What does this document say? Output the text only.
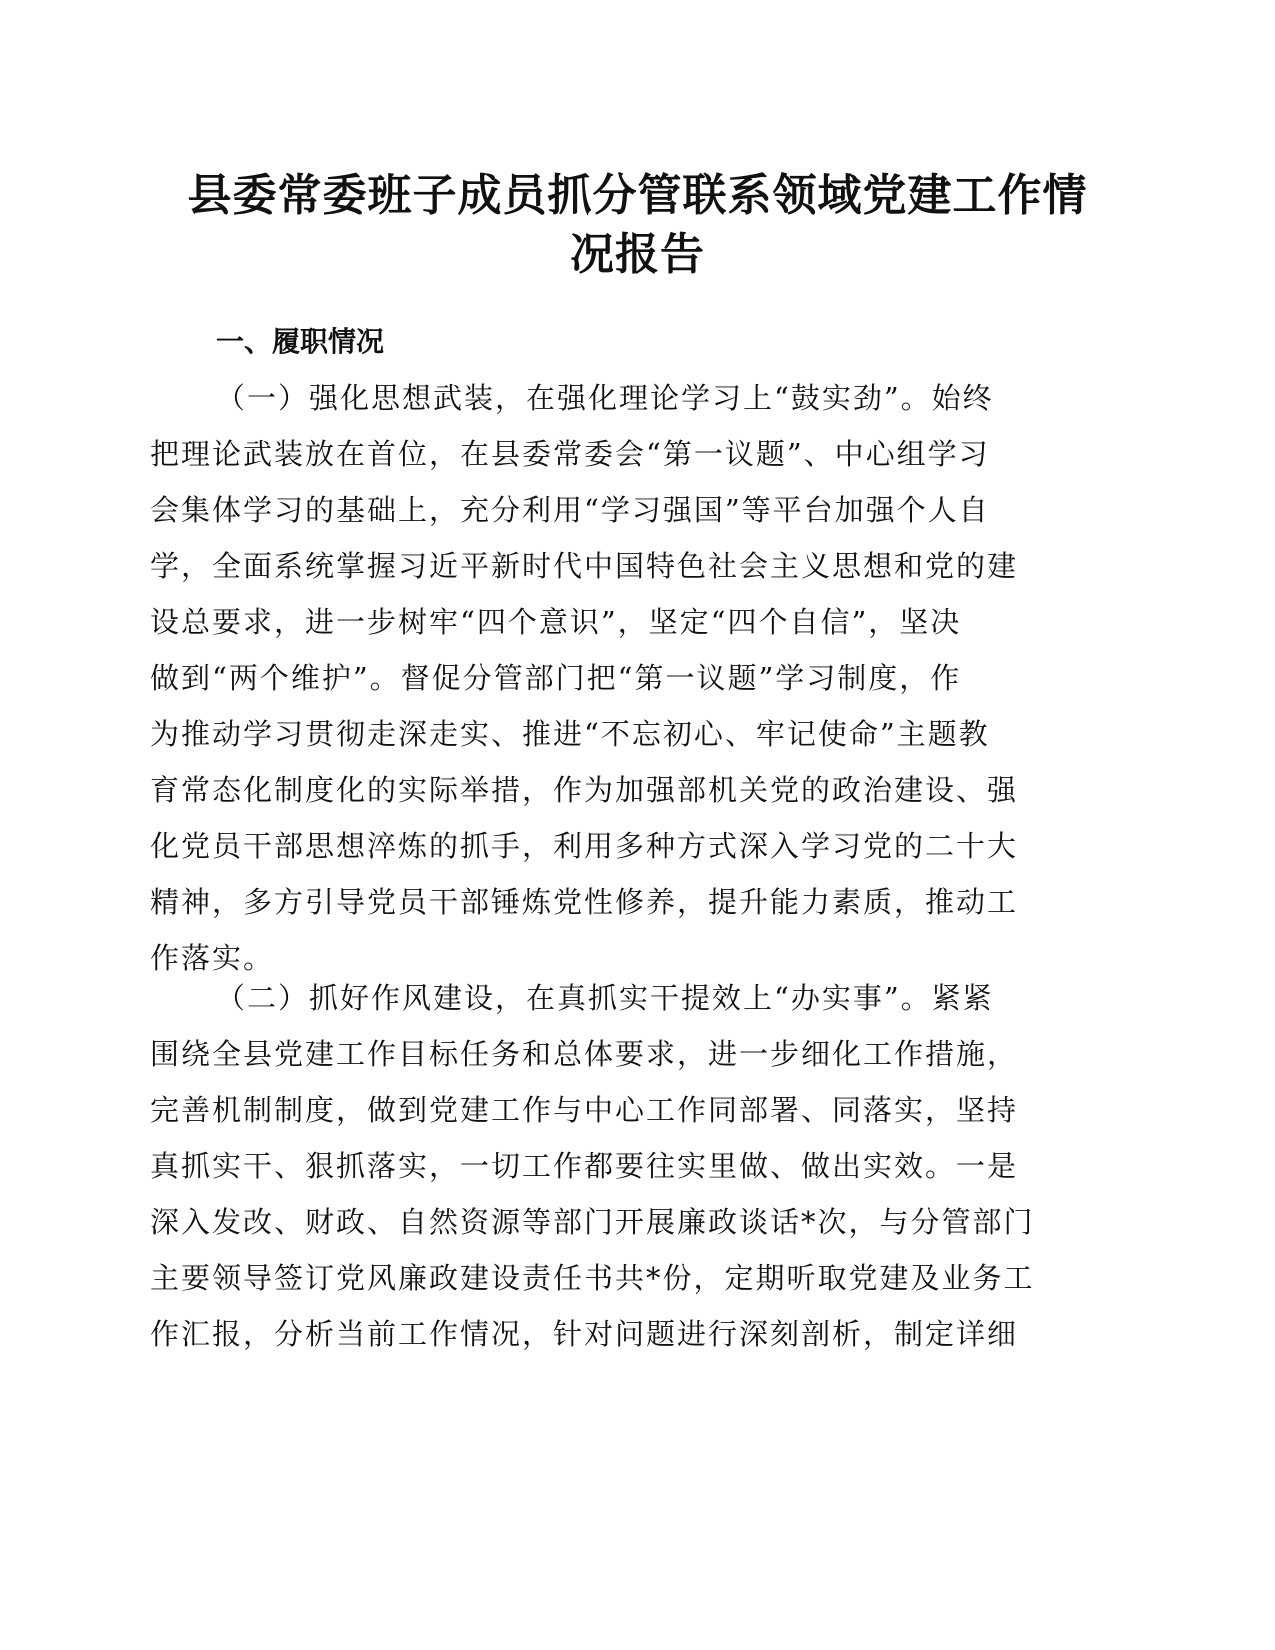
县委常委班子成员抓分管联系领域党建工作情
况报告
一、履职情况

（一）强化思想武装，在强化理论学习上“鼓实劲”。始终
把理论武装放在首位，在县委常委会“第一议题”、中心组学习
会集体学习的基础上，充分利用“学习强国”等平台加强个人自
学，全面系统掌握习近平新时代中国特色社会主义思想和党的建
设总要求，进一步树牢“四个意识”，坚定“四个自信”，坚决
做到“两个维护”。督促分管部门把“第一议题”学习制度，作
为推动学习贯彻走深走实、推进“不忘初心、牢记使命”主题教
育常态化制度化的实际举措，作为加强部机关党的政治建设、强
化党员干部思想淬炼的抓手，利用多种方式深入学习党的二十大
精神，多方引导党员干部锤炼党性修养，提升能力素质，推动工
作落实。

（二）抓好作风建设，在真抓实干提效上“办实事”。紧紧
围绕全县党建工作目标任务和总体要求，进一步细化工作措施，
完善机制制度，做到党建工作与中心工作同部署、同落实，坚持
真抓实干、狠抓落实，一切工作都要往实里做、做出实效。一是
深入发改、财政、自然资源等部门开展廉政谈话*次，与分管部门
主要领导签订党风廉政建设责任书共*份，定期听取党建及业务工
作汇报，分析当前工作情况，针对问题进行深刻剖析，制定详细
